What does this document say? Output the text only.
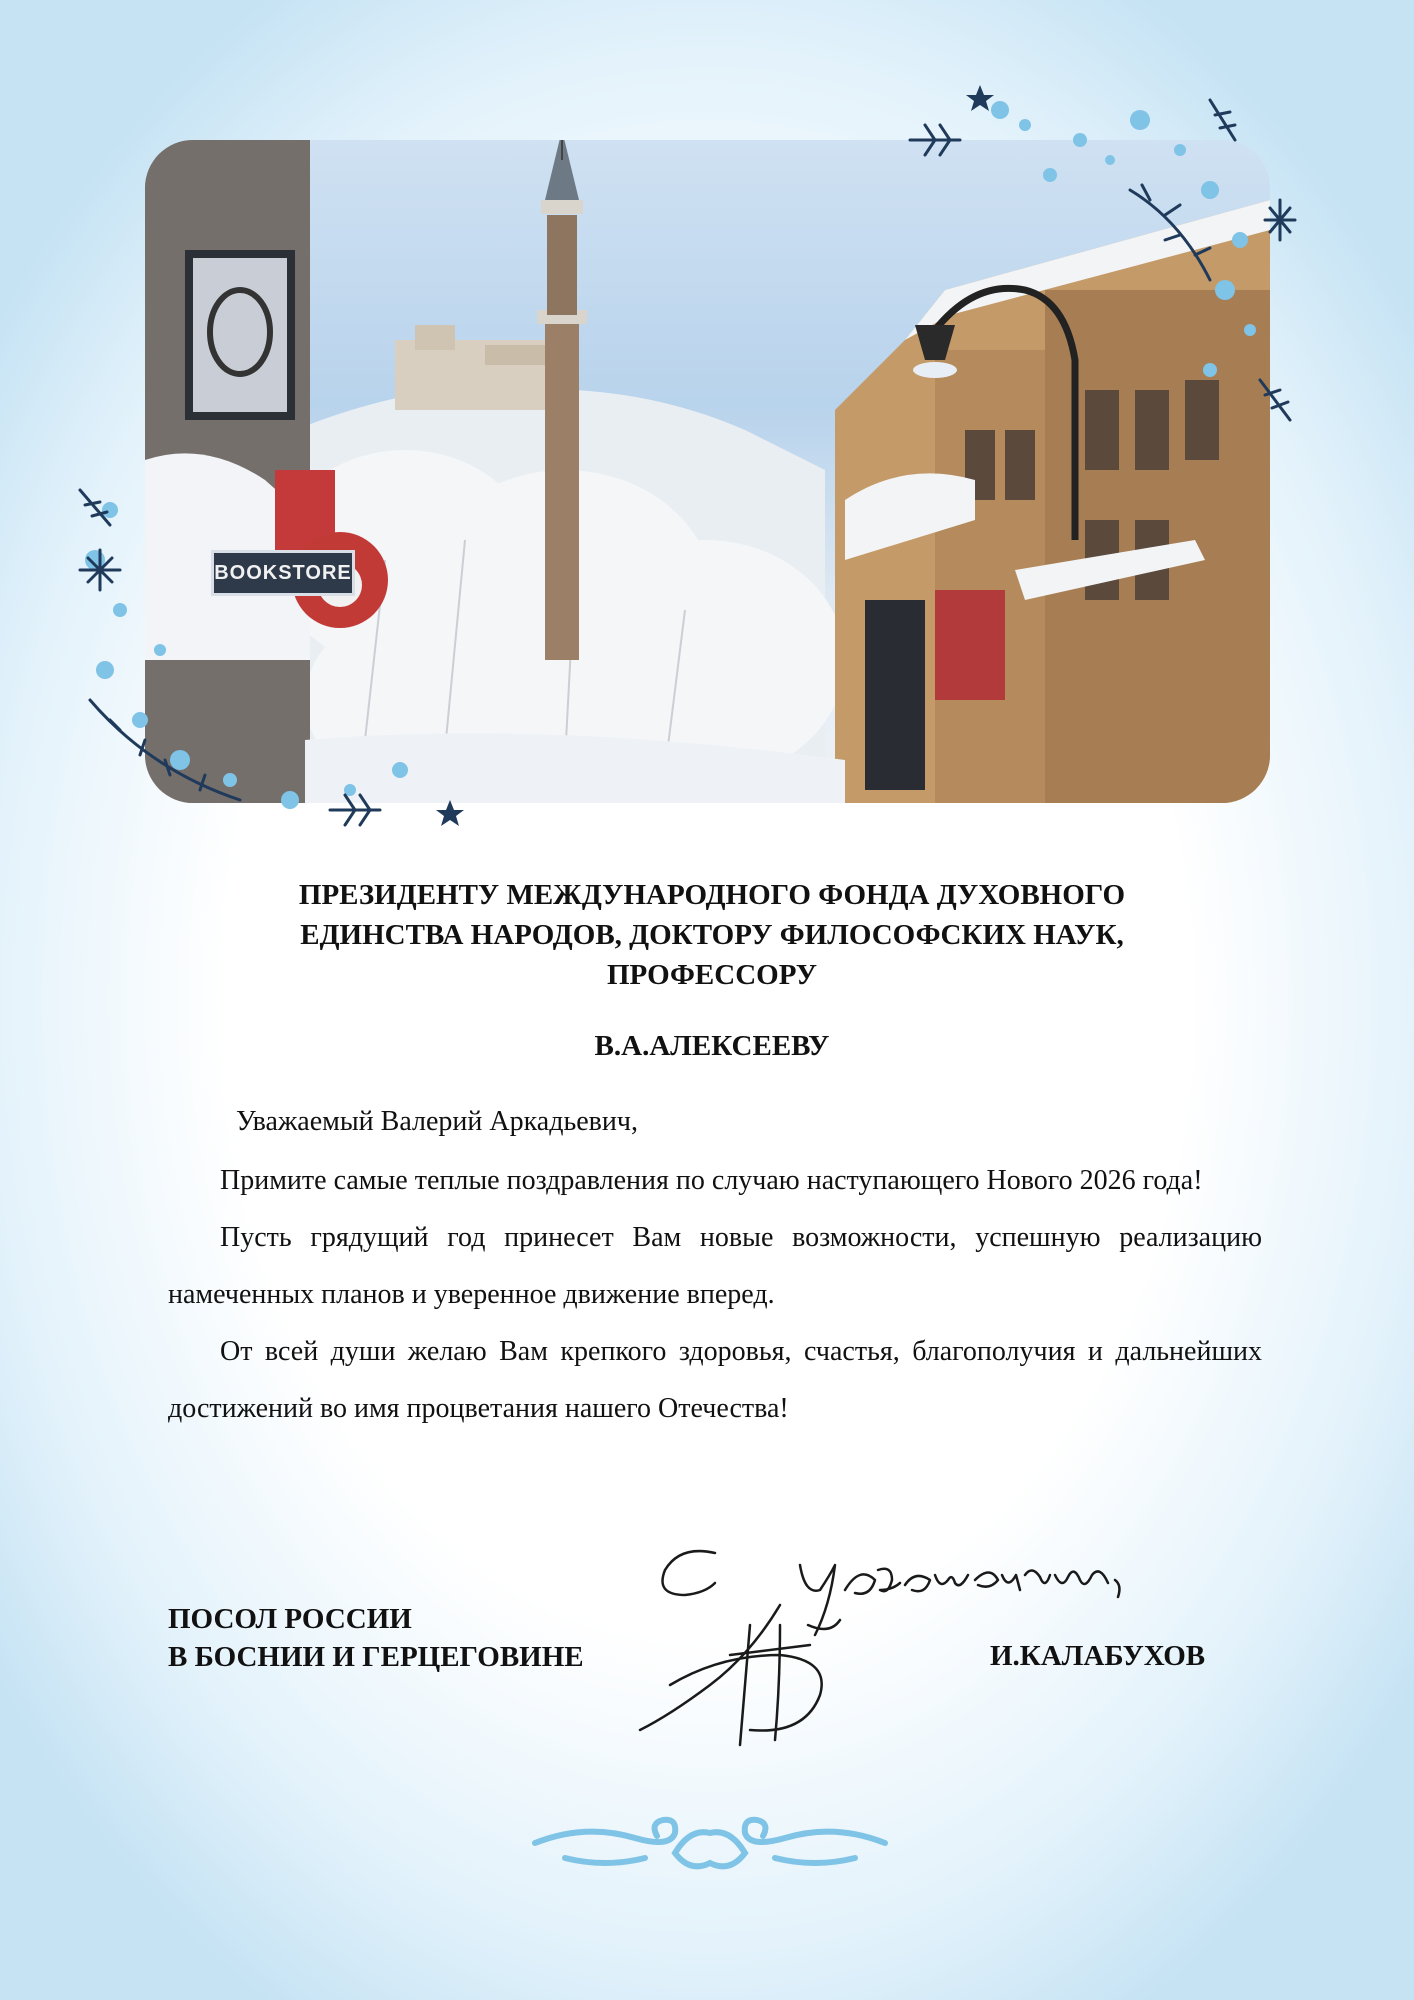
BOOKSTORE
ПРЕЗИДЕНТУ МЕЖДУНАРОДНОГО ФОНДА ДУХОВНОГО
ЕДИНСТВА НАРОДОВ, ДОКТОРУ ФИЛОСОФСКИХ НАУК,
ПРОФЕССОРУ
В.А.АЛЕКСЕЕВУ

Уважаемый Валерий Аркадьевич,

Примите самые теплые поздравления по случаю наступающего Нового 2026 года!

Пусть грядущий год принесет Вам новые возможности, успешную реализацию намеченных планов и уверенное движение вперед.

От всей души желаю Вам крепкого здоровья, счастья, благополучия и дальнейших достижений во имя процветания нашего Отечества!

ПОСОЛ РОССИИ
В БОСНИИ И ГЕРЦЕГОВИНЕ	И.КАЛАБУХОВ
